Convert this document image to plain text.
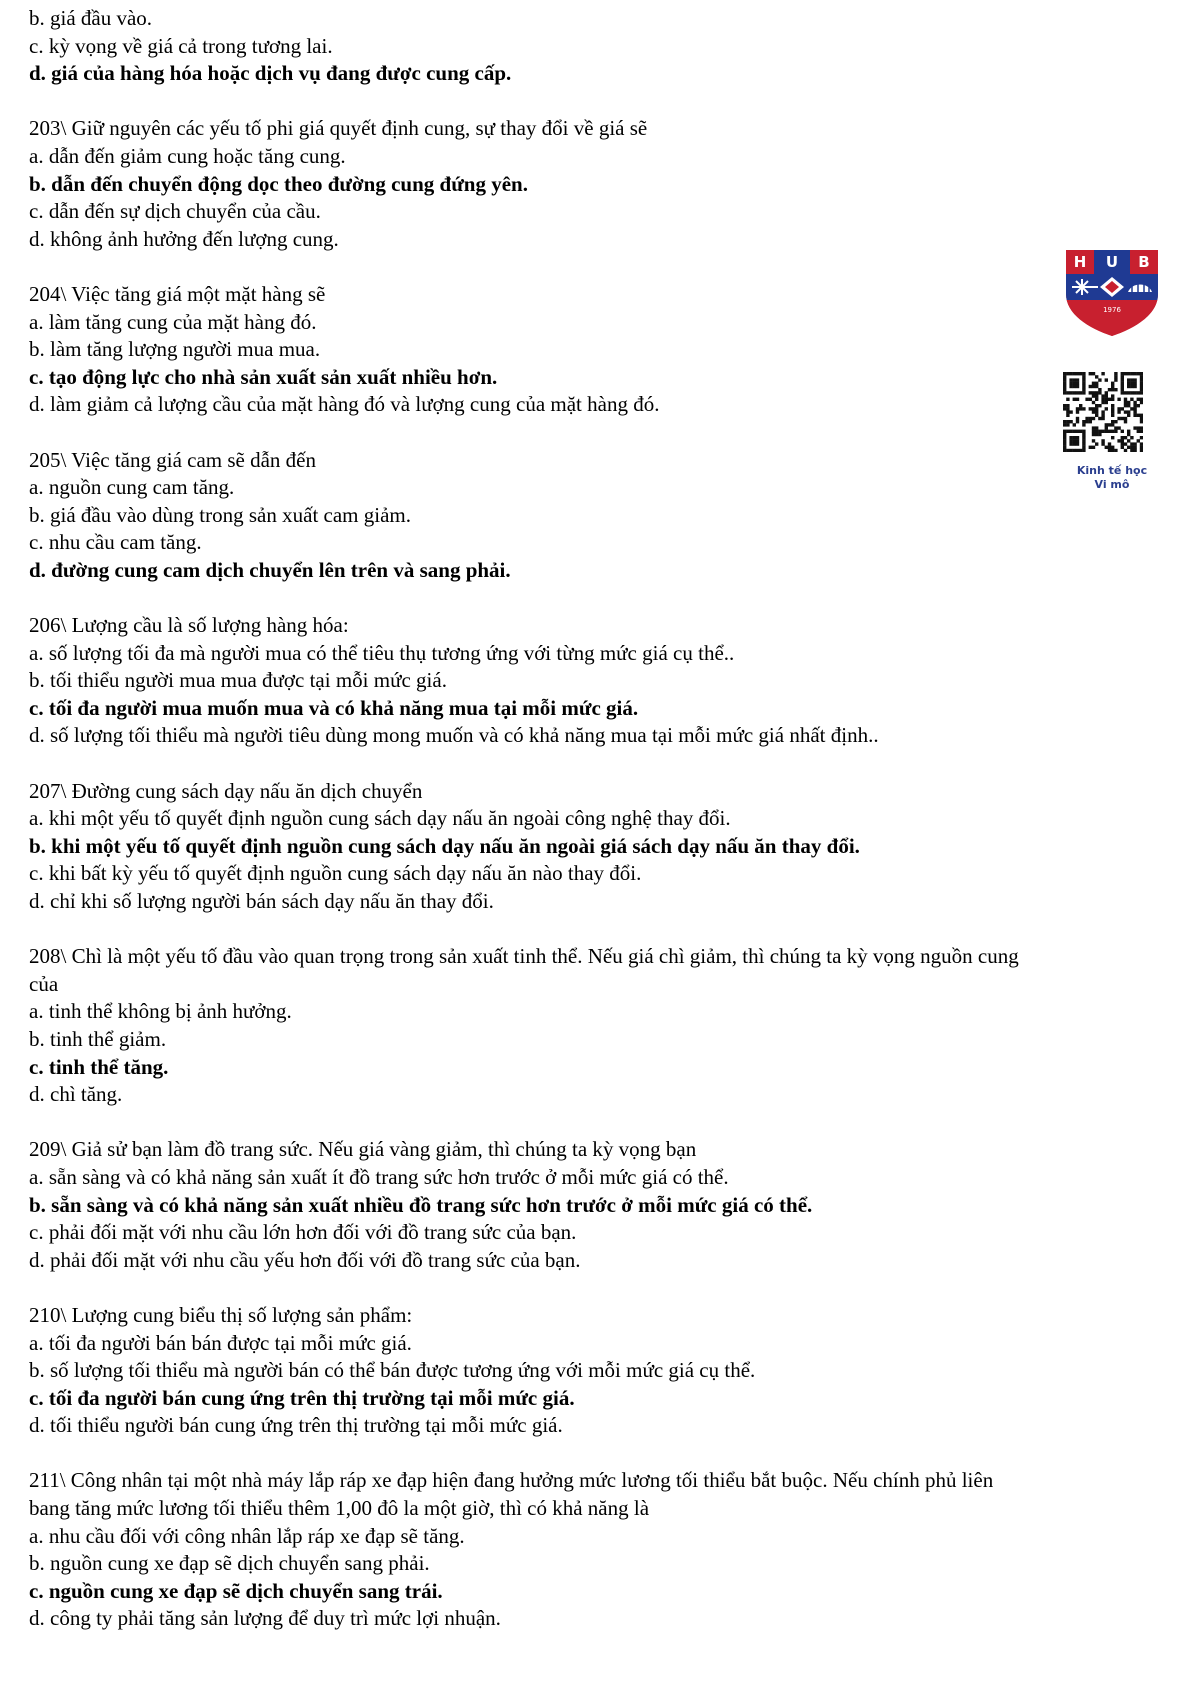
b. giá đầu vào.
c. kỳ vọng về giá cả trong tương lai.
d. giá của hàng hóa hoặc dịch vụ đang được cung cấp.
203\ Giữ nguyên các yếu tố phi giá quyết định cung, sự thay đổi về giá sẽ
a. dẫn đến giảm cung hoặc tăng cung.
b. dẫn đến chuyển động dọc theo đường cung đứng yên.
c. dẫn đến sự dịch chuyển của cầu.
d. không ảnh hưởng đến lượng cung.
204\ Việc tăng giá một mặt hàng sẽ
a. làm tăng cung của mặt hàng đó.
b. làm tăng lượng người mua mua.
c. tạo động lực cho nhà sản xuất sản xuất nhiều hơn.
d. làm giảm cả lượng cầu của mặt hàng đó và lượng cung của mặt hàng đó.
205\ Việc tăng giá cam sẽ dẫn đến
a. nguồn cung cam tăng.
b. giá đầu vào dùng trong sản xuất cam giảm.
c. nhu cầu cam tăng.
d. đường cung cam dịch chuyển lên trên và sang phải.
206\ Lượng cầu là số lượng hàng hóa:
a. số lượng tối đa mà người mua có thể tiêu thụ tương ứng với từng mức giá cụ thể..
b. tối thiểu người mua mua được tại mỗi mức giá.
c. tối đa người mua muốn mua và có khả năng mua tại mỗi mức giá.
d. số lượng tối thiểu mà người tiêu dùng mong muốn và có khả năng mua tại mỗi mức giá nhất định..
207\ Đường cung sách dạy nấu ăn dịch chuyển
a. khi một yếu tố quyết định nguồn cung sách dạy nấu ăn ngoài công nghệ thay đổi.
b. khi một yếu tố quyết định nguồn cung sách dạy nấu ăn ngoài giá sách dạy nấu ăn thay đổi.
c. khi bất kỳ yếu tố quyết định nguồn cung sách dạy nấu ăn nào thay đổi.
d. chỉ khi số lượng người bán sách dạy nấu ăn thay đổi.
208\ Chì là một yếu tố đầu vào quan trọng trong sản xuất tinh thể. Nếu giá chì giảm, thì chúng ta kỳ vọng nguồn cung
của
a. tinh thể không bị ảnh hưởng.
b. tinh thể giảm.
c. tinh thể tăng.
d. chì tăng.
209\ Giả sử bạn làm đồ trang sức. Nếu giá vàng giảm, thì chúng ta kỳ vọng bạn
a. sẵn sàng và có khả năng sản xuất ít đồ trang sức hơn trước ở mỗi mức giá có thể.
b. sẵn sàng và có khả năng sản xuất nhiều đồ trang sức hơn trước ở mỗi mức giá có thể.
c. phải đối mặt với nhu cầu lớn hơn đối với đồ trang sức của bạn.
d. phải đối mặt với nhu cầu yếu hơn đối với đồ trang sức của bạn.
210\ Lượng cung biểu thị số lượng sản phẩm:
a. tối đa người bán bán được tại mỗi mức giá.
b. số lượng tối thiểu mà người bán có thể bán được tương ứng với mỗi mức giá cụ thể.
c. tối đa người bán cung ứng trên thị trường tại mỗi mức giá.
d. tối thiểu người bán cung ứng trên thị trường tại mỗi mức giá.
211\ Công nhân tại một nhà máy lắp ráp xe đạp hiện đang hưởng mức lương tối thiểu bắt buộc. Nếu chính phủ liên
bang tăng mức lương tối thiểu thêm 1,00 đô la một giờ, thì có khả năng là
a. nhu cầu đối với công nhân lắp ráp xe đạp sẽ tăng.
b. nguồn cung xe đạp sẽ dịch chuyển sang phải.
c. nguồn cung xe đạp sẽ dịch chuyển sang trái.
d. công ty phải tăng sản lượng để duy trì mức lợi nhuận.
H U B
1976
Kinh tế học
Vi mô
